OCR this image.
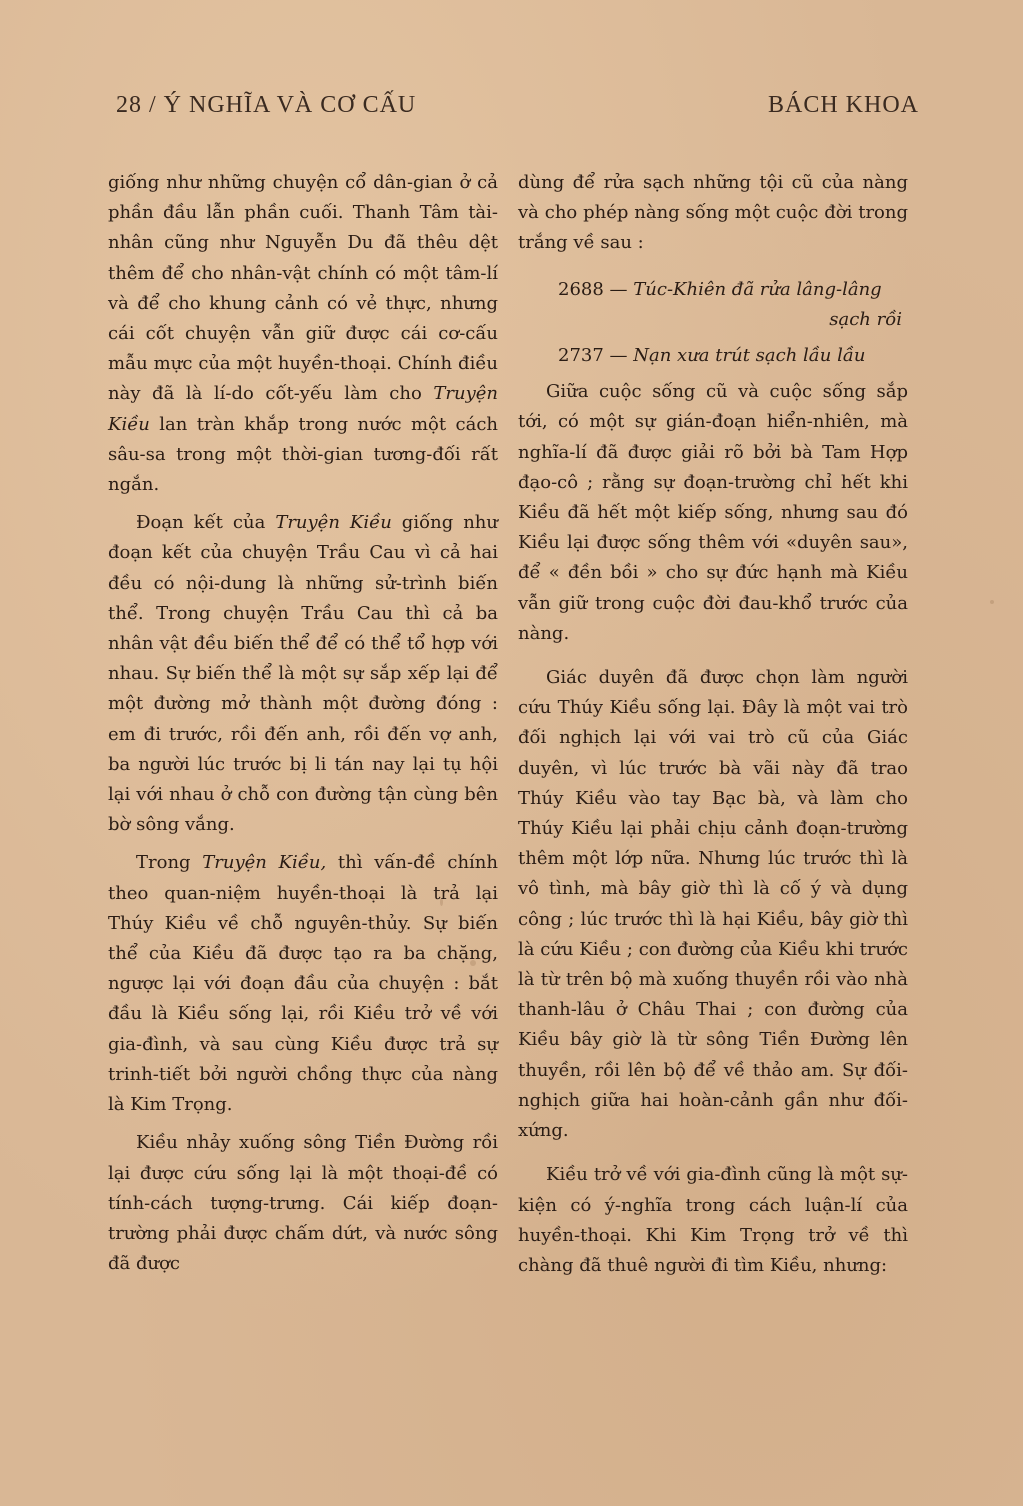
28 / Ý NGHĨA VÀ CƠ CẤU	BÁCH KHOA

giống như những chuyện cổ dân-gian ở cả phần đầu lẫn phần cuối. Thanh Tâm tài-nhân cũng như Nguyễn Du đã thêu dệt thêm để cho nhân-vật chính có một tâm-lí và để cho khung cảnh có vẻ thực, nhưng cái cốt chuyện vẫn giữ được cái cơ-cấu mẫu mực của một huyền-thoại. Chính điều này đã là lí-do cốt-yếu làm cho Truyện Kiều lan tràn khắp trong nước một cách sâu-sa trong một thời-gian tương-đối rất ngắn.

Đoạn kết của Truyện Kiều giống như đoạn kết của chuyện Trầu Cau vì cả hai đều có nội-dung là những sử-trình biến thể. Trong chuyện Trầu Cau thì cả ba nhân vật đều biến thể để có thể tổ hợp với nhau. Sự biến thể là một sự sắp xếp lại để một đường mở thành một đường đóng : em đi trước, rồi đến anh, rồi đến vợ anh, ba người lúc trước bị li tán nay lại tụ hội lại với nhau ở chỗ con đường tận cùng bên bờ sông vắng.

Trong Truyện Kiều, thì vấn-đề chính theo quan-niệm huyền-thoại là trả lại Thúy Kiều về chỗ nguyên-thủy. Sự biến thể của Kiều đã được tạo ra ba chặng, ngược lại với đoạn đầu của chuyện : bắt đầu là Kiều sống lại, rồi Kiều trở về với gia-đình, và sau cùng Kiều được trả sự trinh-tiết bởi người chồng thực của nàng là Kim Trọng.

Kiều nhảy xuống sông Tiền Đường rồi lại được cứu sống lại là một thoại-đề có tính-cách tượng-trưng. Cái kiếp đoạn-trường phải được chấm dứt, và nước sông đã được

dùng để rửa sạch những tội cũ của nàng và cho phép nàng sống một cuộc đời trong trắng về sau :

2688 — Túc-Khiên đã rửa lâng-lâng
sạch rồi
2737 — Nạn xưa trút sạch lầu lầu

Giữa cuộc sống cũ và cuộc sống sắp tới, có một sự gián-đoạn hiển-nhiên, mà nghĩa-lí đã được giải rõ bởi bà Tam Hợp đạo-cô ; rằng sự đoạn-trường chỉ hết khi Kiều đã hết một kiếp sống, nhưng sau đó Kiều lại được sống thêm với «duyên sau», để « đền bồi » cho sự đức hạnh mà Kiều vẫn giữ trong cuộc đời đau-khổ trước của nàng.

Giác duyên đã được chọn làm người cứu Thúy Kiều sống lại. Đây là một vai trò đối nghịch lại với vai trò cũ của Giác duyên, vì lúc trước bà vãi này đã trao Thúy Kiều vào tay Bạc bà, và làm cho Thúy Kiều lại phải chịu cảnh đoạn-trường thêm một lớp nữa. Nhưng lúc trước thì là vô tình, mà bây giờ thì là cố ý và dụng công ; lúc trước thì là hại Kiều, bây giờ thì là cứu Kiều ; con đường của Kiều khi trước là từ trên bộ mà xuống thuyền rồi vào nhà thanh-lâu ở Châu Thai ; con đường của Kiều bây giờ là từ sông Tiền Đường lên thuyền, rồi lên bộ để về thảo am. Sự đối-nghịch giữa hai hoàn-cảnh gần như đối-xứng.

Kiều trở về với gia-đình cũng là một sự-kiện có ý-nghĩa trong cách luận-lí của huyền-thoại. Khi Kim Trọng trở về thì chàng đã thuê người đi tìm Kiều, nhưng:
